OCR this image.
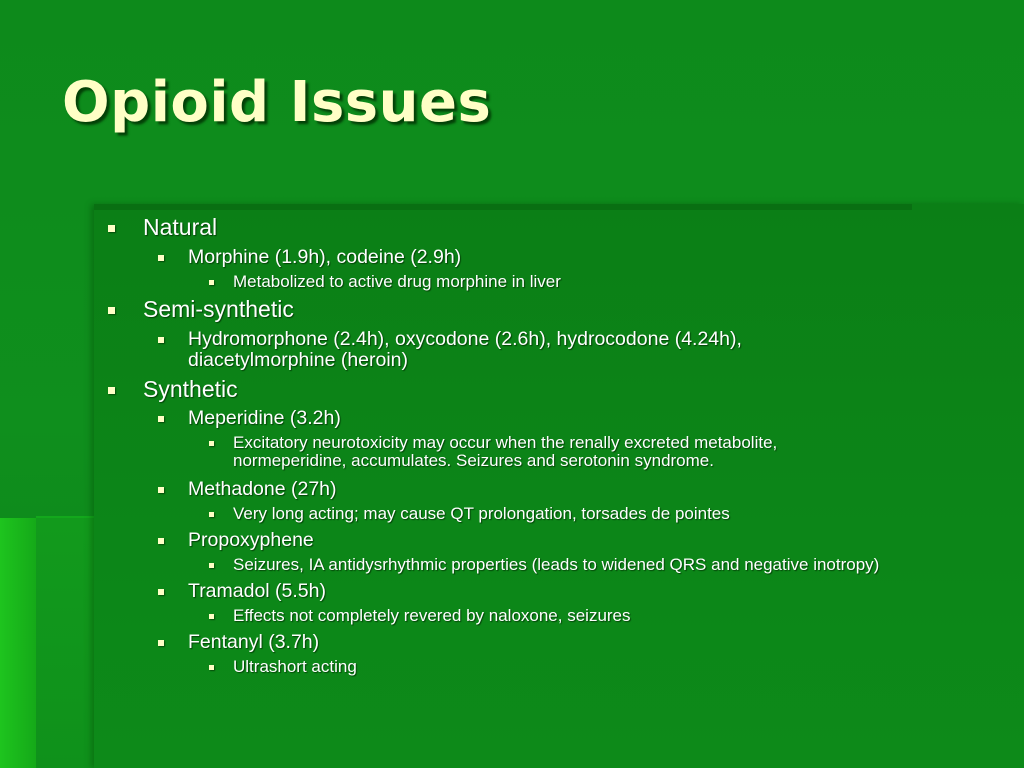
Opioid Issues
Natural
Morphine (1.9h), codeine (2.9h)
Metabolized to active drug morphine in liver
Semi-synthetic
Hydromorphone (2.4h), oxycodone (2.6h), hydrocodone (4.24h),
diacetylmorphine (heroin)
Synthetic
Meperidine (3.2h)
Excitatory neurotoxicity may occur when the renally excreted metabolite,
normeperidine, accumulates. Seizures and serotonin syndrome.
Methadone (27h)
Very long acting; may cause QT prolongation, torsades de pointes
Propoxyphene
Seizures, IA antidysrhythmic properties (leads to widened QRS and negative inotropy)
Tramadol (5.5h)
Effects not completely revered by naloxone, seizures
Fentanyl (3.7h)
Ultrashort acting
